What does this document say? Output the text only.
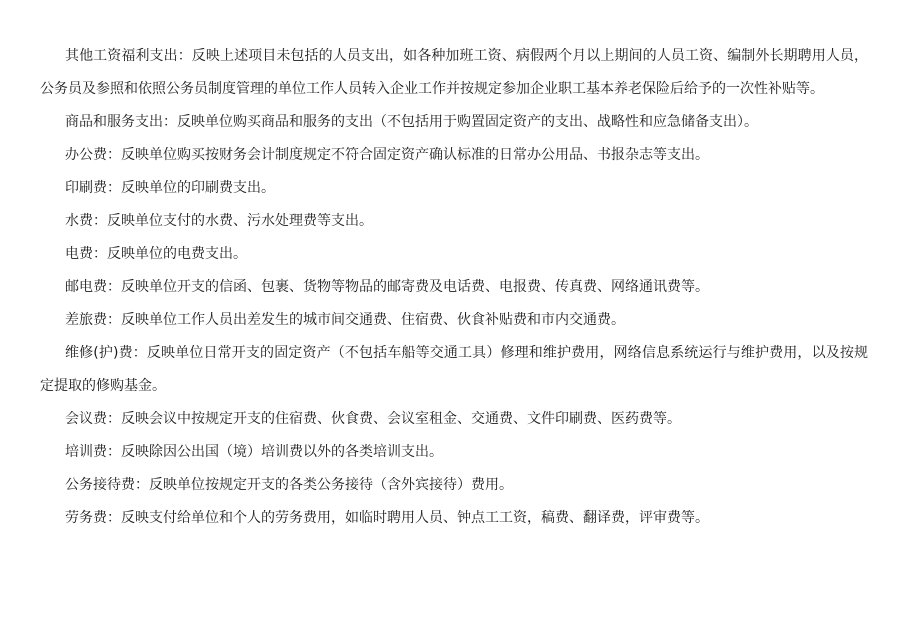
其他工资福利支出：反映上述项目未包括的人员支出，如各种加班工资、病假两个月以上期间的人员工资、编制外长期聘用人员，公务员及参照和依照公务员制度管理的单位工作人员转入企业工作并按规定参加企业职工基本养老保险后给予的一次性补贴等。

商品和服务支出：反映单位购买商品和服务的支出（不包括用于购置固定资产的支出、战略性和应急储备支出）。

办公费：反映单位购买按财务会计制度规定不符合固定资产确认标准的日常办公用品、书报杂志等支出。

印刷费：反映单位的印刷费支出。

水费：反映单位支付的水费、污水处理费等支出。

电费：反映单位的电费支出。

邮电费：反映单位开支的信函、包裹、货物等物品的邮寄费及电话费、电报费、传真费、网络通讯费等。

差旅费：反映单位工作人员出差发生的城市间交通费、住宿费、伙食补贴费和市内交通费。

维修(护)费：反映单位日常开支的固定资产（不包括车船等交通工具）修理和维护费用，网络信息系统运行与维护费用，以及按规定提取的修购基金。

会议费：反映会议中按规定开支的住宿费、伙食费、会议室租金、交通费、文件印刷费、医药费等。

培训费：反映除因公出国（境）培训费以外的各类培训支出。

公务接待费：反映单位按规定开支的各类公务接待（含外宾接待）费用。

劳务费：反映支付给单位和个人的劳务费用，如临时聘用人员、钟点工工资，稿费、翻译费，评审费等。
